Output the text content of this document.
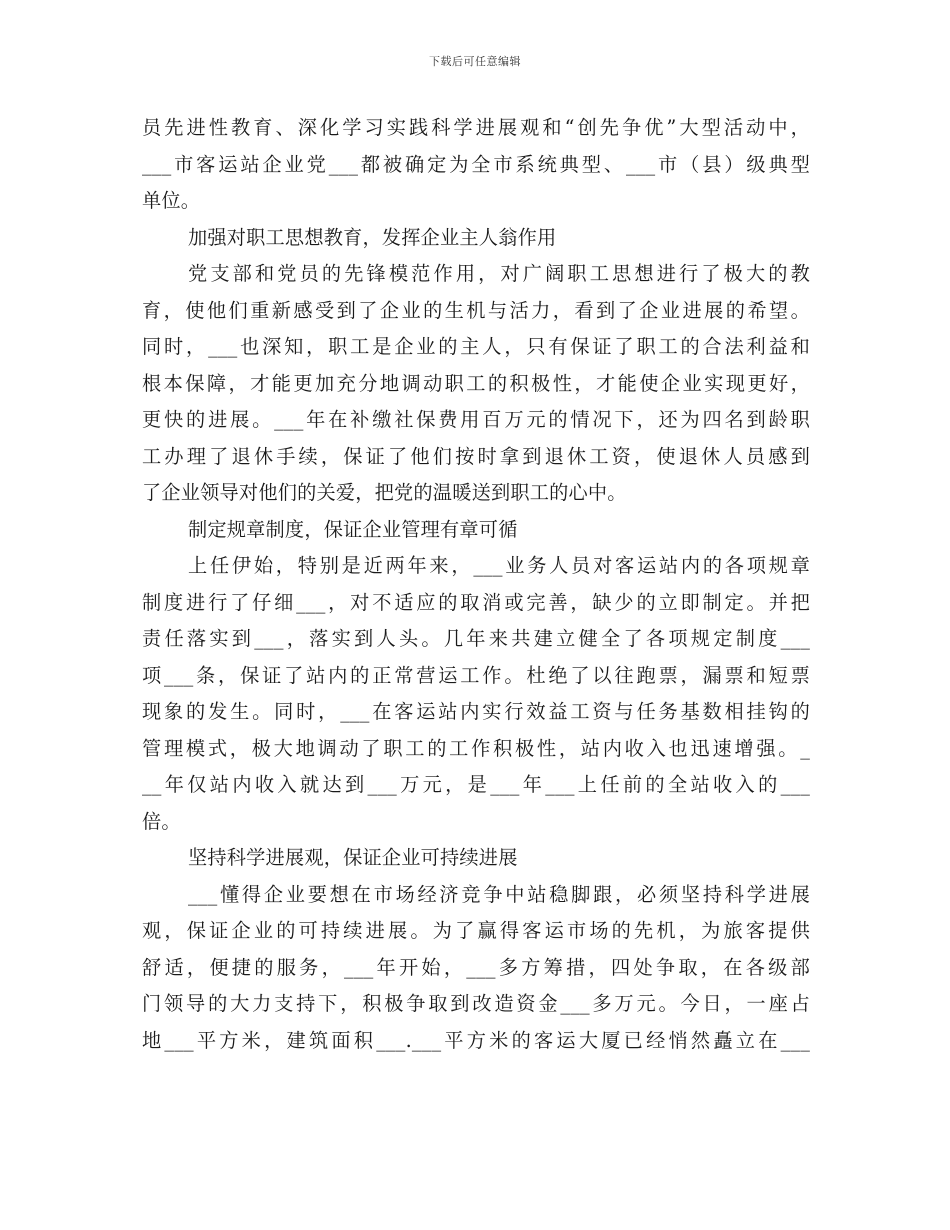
下载后可任意编辑
员先进性教育、深化学习实践科学进展观和“创先争优”大型活动中，
___市客运站企业党___都被确定为全市系统典型、___市（县）级典型
单位。
加强对职工思想教育，发挥企业主人翁作用
党支部和党员的先锋模范作用，对广阔职工思想进行了极大的教
育，使他们重新感受到了企业的生机与活力，看到了企业进展的希望。
同时，___也深知，职工是企业的主人，只有保证了职工的合法利益和
根本保障，才能更加充分地调动职工的积极性，才能使企业实现更好，
更快的进展。___年在补缴社保费用百万元的情况下，还为四名到龄职
工办理了退休手续，保证了他们按时拿到退休工资，使退休人员感到
了企业领导对他们的关爱，把党的温暖送到职工的心中。
制定规章制度，保证企业管理有章可循
上任伊始，特别是近两年来，___业务人员对客运站内的各项规章
制度进行了仔细___，对不适应的取消或完善，缺少的立即制定。并把
责任落实到___，落实到人头。几年来共建立健全了各项规定制度___
项___条，保证了站内的正常营运工作。杜绝了以往跑票，漏票和短票
现象的发生。同时，___在客运站内实行效益工资与任务基数相挂钩的
管理模式，极大地调动了职工的工作积极性，站内收入也迅速增强。_
__年仅站内收入就达到___万元，是___年___上任前的全站收入的___
倍。
坚持科学进展观，保证企业可持续进展
___懂得企业要想在市场经济竞争中站稳脚跟，必须坚持科学进展
观，保证企业的可持续进展。为了赢得客运市场的先机，为旅客提供
舒适，便捷的服务，___年开始，___多方筹措，四处争取，在各级部
门领导的大力支持下，积极争取到改造资金___多万元。今日，一座占
地___平方米，建筑面积___.___平方米的客运大厦已经悄然矗立在___
